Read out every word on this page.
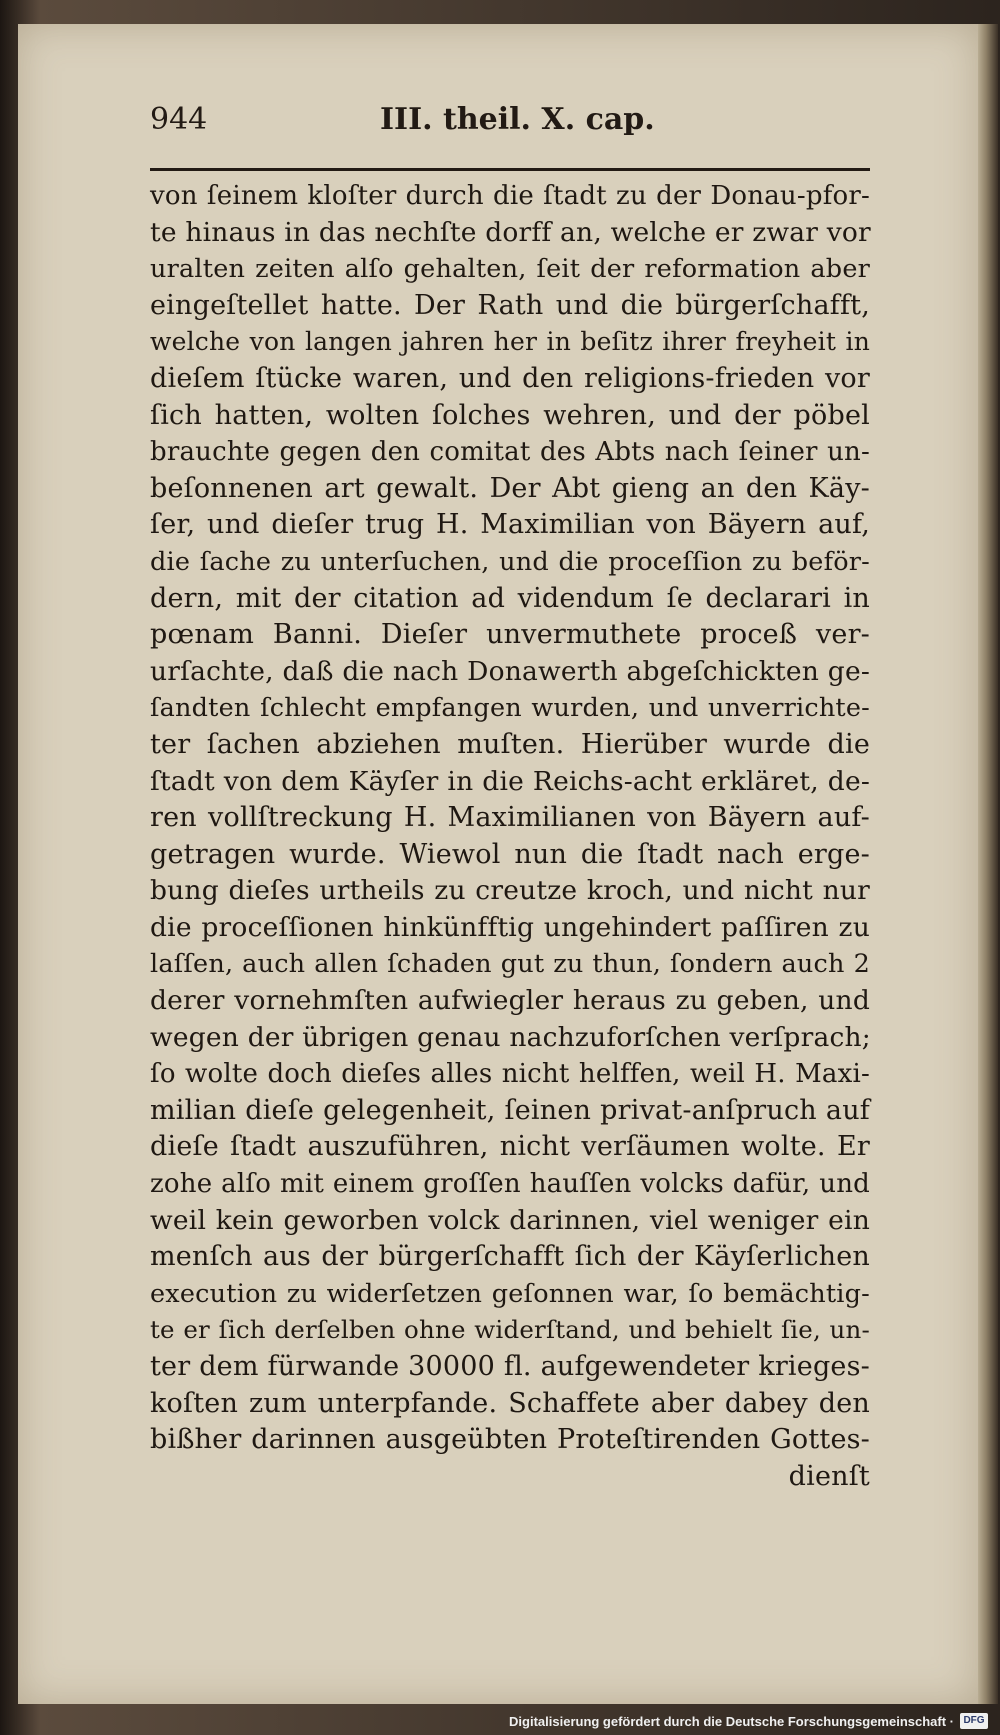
944	III. theil. X. cap.
von ſeinem kloſter durch die ſtadt zu der Donau-pfor-
te hinaus in das nechſte dorff an, welche er zwar vor
uralten zeiten alſo gehalten, ſeit der reformation aber
eingeſtellet hatte. Der Rath und die bürgerſchafft,
welche von langen jahren her in beſitz ihrer freyheit in
dieſem ſtücke waren, und den religions-frieden vor
ſich hatten, wolten ſolches wehren, und der pöbel
brauchte gegen den comitat des Abts nach ſeiner un-
beſonnenen art gewalt. Der Abt gieng an den Käy-
ſer, und dieſer trug H. Maximilian von Bäyern auf,
die ſache zu unterſuchen, und die proceſſion zu beför-
dern, mit der citation ad videndum ſe declarari in
pœnam Banni. Dieſer unvermuthete proceß ver-
urſachte, daß die nach Donawerth abgeſchickten ge-
ſandten ſchlecht empfangen wurden, und unverrichte-
ter ſachen abziehen muſten. Hierüber wurde die
ſtadt von dem Käyſer in die Reichs-acht erkläret, de-
ren vollſtreckung H. Maximilianen von Bäyern auf-
getragen wurde. Wiewol nun die ſtadt nach erge-
bung dieſes urtheils zu creutze kroch, und nicht nur
die proceſſionen hinkünfftig ungehindert paſſiren zu
laſſen, auch allen ſchaden gut zu thun, ſondern auch 2
derer vornehmſten aufwiegler heraus zu geben, und
wegen der übrigen genau nachzuforſchen verſprach;
ſo wolte doch dieſes alles nicht helffen, weil H. Maxi-
milian dieſe gelegenheit, ſeinen privat-anſpruch auf
dieſe ſtadt auszuführen, nicht verſäumen wolte. Er
zohe alſo mit einem groſſen hauſſen volcks dafür, und
weil kein geworben volck darinnen, viel weniger ein
menſch aus der bürgerſchafft ſich der Käyſerlichen
execution zu widerſetzen geſonnen war, ſo bemächtig-
te er ſich derſelben ohne widerſtand, und behielt ſie, un-
ter dem fürwande 30000 fl. aufgewendeter krieges-
koſten zum unterpfande. Schaffete aber dabey den
bißher darinnen ausgeübten Proteſtirenden Gottes-
dienſt
Digitalisierung gefördert durch die Deutsche Forschungsgemeinschaft · DFG
